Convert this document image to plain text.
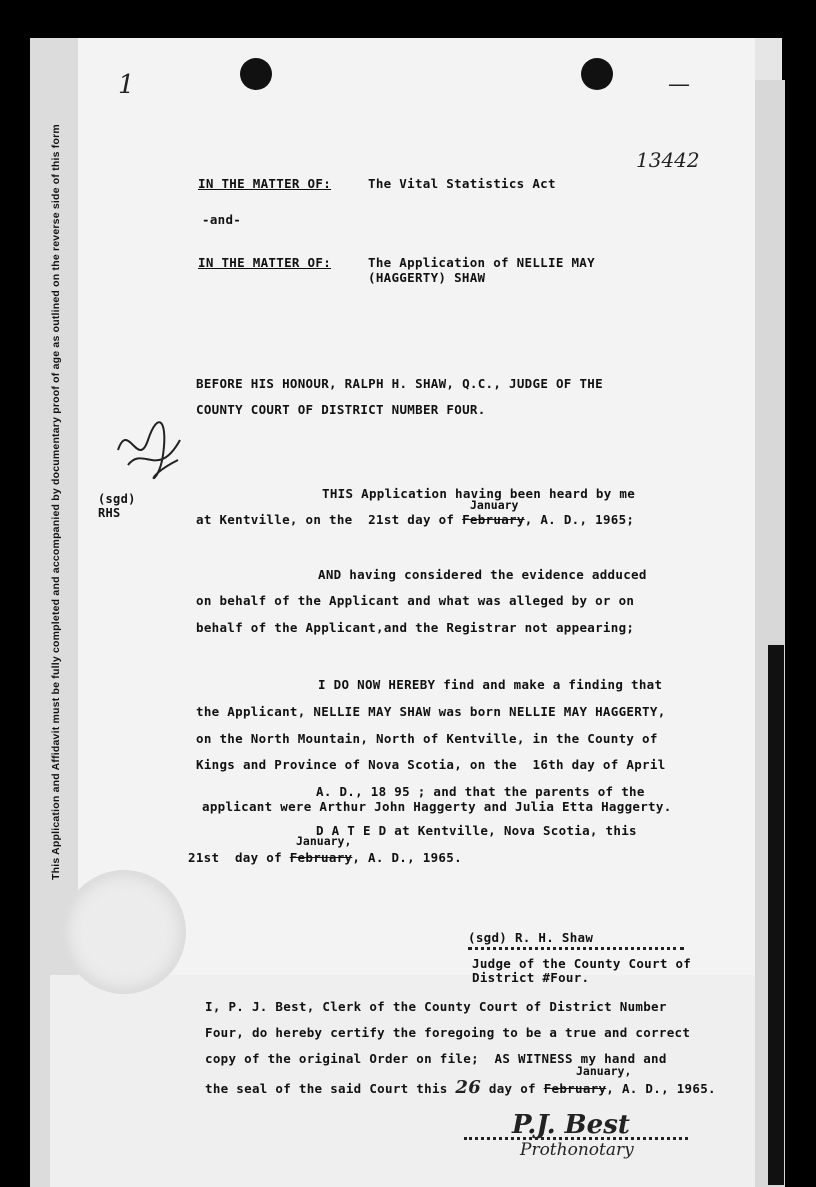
This Application and Affidavit must be fully completed and accompanied by documentary proof of age as outlined on the reverse side of this form
1	—
13442
IN THE MATTER OF:	The Vital Statistics Act
-and-
IN THE MATTER OF:	The Application of NELLIE MAY
(HAGGERTY) SHAW
BEFORE HIS HONOUR, RALPH H. SHAW, Q.C., JUDGE OF THE
COUNTY COURT OF DISTRICT NUMBER FOUR.
(sgd)
RHS
THIS Application having been heard by me
January
at Kentville, on the  21st day of February, A. D., 1965;
AND having considered the evidence adduced
on behalf of the Applicant and what was alleged by or on
behalf of the Applicant,and the Registrar not appearing;
I DO NOW HEREBY find and make a finding that
the Applicant, NELLIE MAY SHAW was born NELLIE MAY HAGGERTY,
on the North Mountain, North of Kentville, in the County of
Kings and Province of Nova Scotia, on the  16th day of April
A. D., 18 95 ; and that the parents of the
applicant were Arthur John Haggerty and Julia Etta Haggerty.
D A T E D at Kentville, Nova Scotia, this
January,
21st  day of February, A. D., 1965.
(sgd) R. H. Shaw
Judge of the County Court of
District #Four.
I, P. J. Best, Clerk of the County Court of District Number
Four, do hereby certify the foregoing to be a true and correct
copy of the original Order on file;  AS WITNESS my hand and
January,
the seal of the said Court this 26 day of February, A. D., 1965.
P.J. Best
Prothonotary
